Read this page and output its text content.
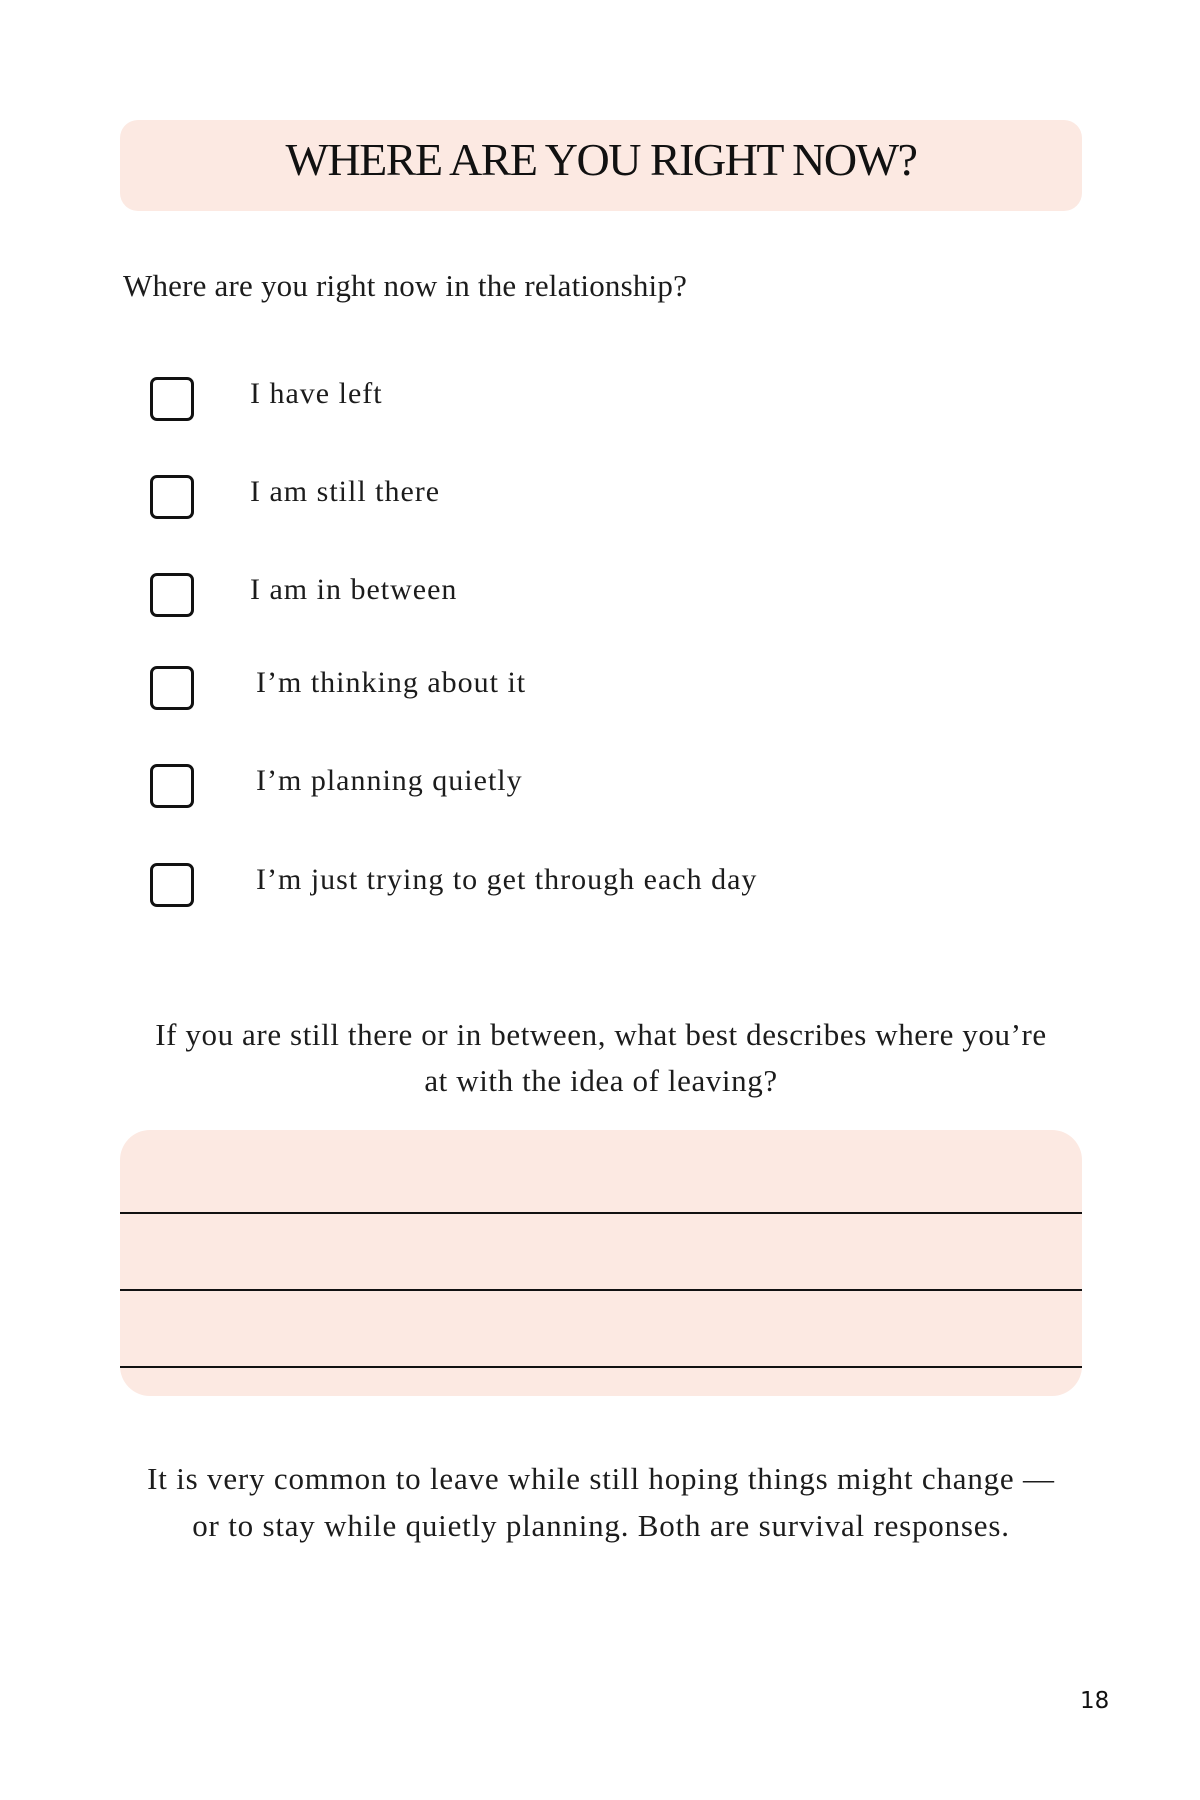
WHERE ARE YOU RIGHT NOW?
Where are you right now in the relationship?
I have left
I am still there
I am in between
I’m thinking about it
I’m planning quietly
I’m just trying to get through each day
If you are still there or in between, what best describes where you’re
at with the idea of leaving?
It is very common to leave while still hoping things might change —
or to stay while quietly planning. Both are survival responses.
18
